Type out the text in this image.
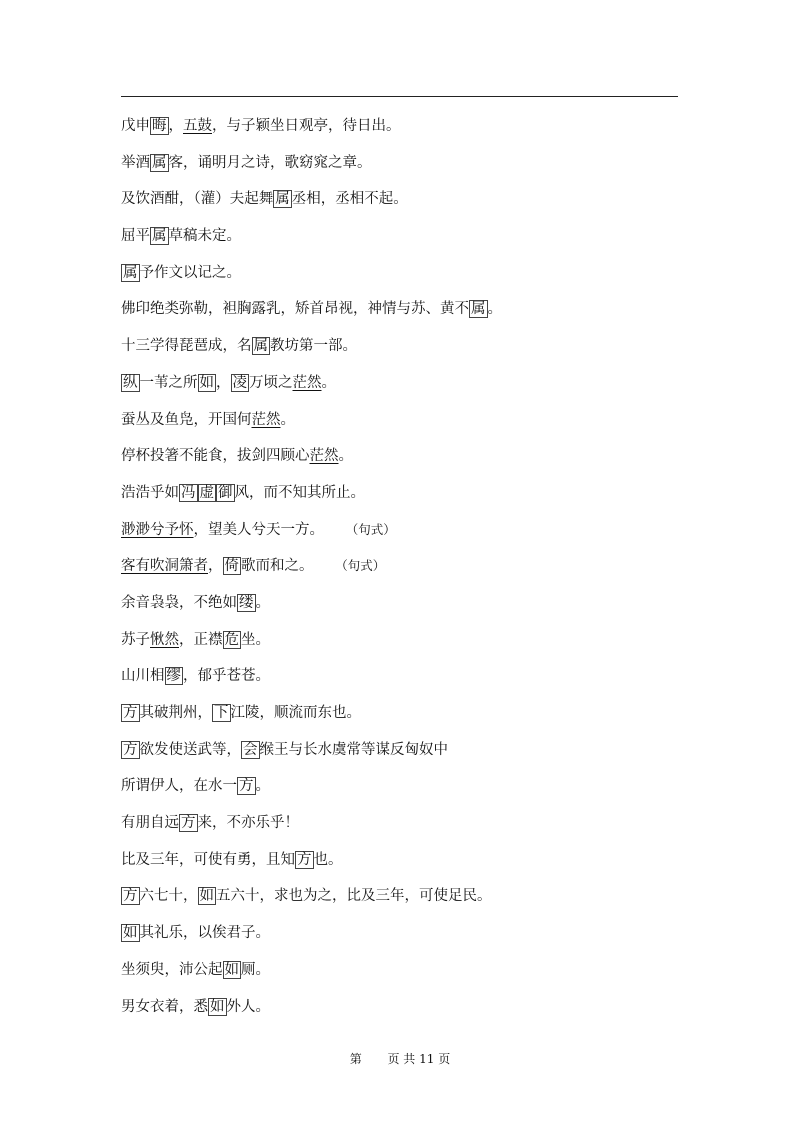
戊申 晦 ，五鼓，与子颖坐日观亭，待日出。
举酒 属 客，诵明月之诗，歌窈窕之章。
及饮酒酣，（灌）夫起舞 属 丞相，丞相不起。
屈平 属 草稿未定。
属 予作文以记之。
佛印绝类弥勒，袒胸露乳，矫首昂视，神情与苏、黄不 属 。
十三学得琵琶成，名 属 教坊第一部。
纵 一苇之所 如 ， 凌 万顷之茫然。
蚕丛及鱼凫，开国何茫然。
停杯投箸不能食，拔剑四顾心茫然。
浩浩乎如 冯 虚 御 风，而不知其所止。
渺渺兮予怀，望美人兮天一方。 （句式）
客有吹洞箫者， 倚 歌而和之。 （句式）
余音袅袅，不绝如 缕 。
苏子愀然，正襟 危 坐。
山川相 缪 ，郁乎苍苍。
方 其破荆州， 下 江陵，顺流而东也。
方 欲发使送武等， 会 缑王与长水虞常等谋反匈奴中
所谓伊人，在水一 方 。
有朋自远 方 来，不亦乐乎！
比及三年，可使有勇，且知 方 也。
方 六七十， 如 五六十，求也为之，比及三年，可使足民。
如 其礼乐，以俟君子。
坐须臾，沛公起 如 厕。
男女衣着，悉 如 外人。
第 页 共 11 页
